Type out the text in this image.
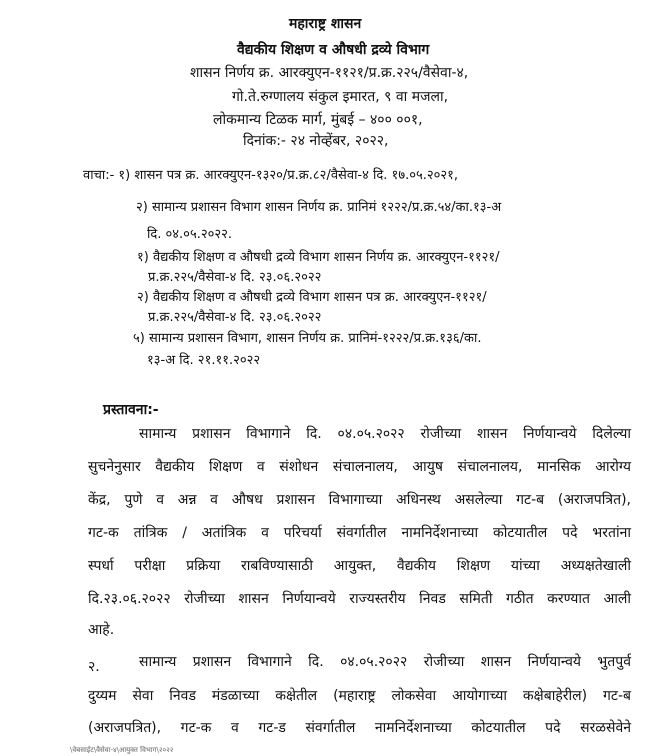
महाराष्ट्र शासन
वैद्यकीय शिक्षण व औषधी द्रव्ये विभाग
शासन निर्णय क्र. आरक्युएन-११२१/प्र.क्र.२२५/वैसेवा-४,
गो.ते.रुग्णालय संकुल इमारत, ९ वा मजला,
लोकमान्य टिळक मार्ग, मुंबई – ४०० ००१,
दिनांक:- २४ नोव्हेंबर, २०२२,
वाचा:- १) शासन पत्र क्र. आरक्युएन-१३२०/प्र.क्र.८२/वैसेवा-४ दि. १७.०५.२०२१,
२) सामान्य प्रशासन विभाग शासन निर्णय क्र. प्रानिमं १२२२/प्र.क्र.५४/का.१३-अ
दि. ०४.०५.२०२२.
१) वैद्यकीय शिक्षण व औषधी द्रव्ये विभाग शासन निर्णय क्र. आरक्युएन-११२१/
प्र.क्र.२२५/वैसेवा-४ दि. २३.०६.२०२२
२) वैद्यकीय शिक्षण व औषधी द्रव्ये विभाग शासन पत्र क्र. आरक्युएन-११२१/
प्र.क्र.२२५/वैसेवा-४ दि. २३.०६.२०२२
५) सामान्य प्रशासन विभाग, शासन निर्णय क्र. प्रानिमं-१२२२/प्र.क्र.१३६/का.
१३-अ दि. २१.११.२०२२
प्रस्तावना:-
सामान्य प्रशासन विभागाने दि. ०४.०५.२०२२ रोजीच्या शासन निर्णयान्वये दिलेल्या
सुचनेनुसार वैद्यकीय शिक्षण व संशोधन संचालनालय, आयुष संचालनालय, मानसिक आरोग्य
केंद्र, पुणे व अन्न व औषध प्रशासन विभागाच्या अधिनस्थ असलेल्या गट-ब (अराजपत्रित),
गट-क तांत्रिक / अतांत्रिक व परिचर्या संवर्गातील नामनिर्देशनाच्या कोटयातील पदे भरतांना
स्पर्धा परीक्षा प्रक्रिया राबविण्यासाठी आयुक्त, वैद्यकीय शिक्षण यांच्या अध्यक्षतेखाली
दि.२३.०६.२०२२ रोजीच्या शासन निर्णयान्वये राज्यस्तरीय निवड समिती गठीत करण्यात आली
आहे.
२.	सामान्य प्रशासन विभागाने दि. ०४.०५.२०२२ रोजीच्या शासन निर्णयान्वये भुतपुर्व
दुय्यम सेवा निवड मंडळाच्या कक्षेतील (महाराष्ट्र लोकसेवा आयोगाच्या कक्षेबाहेरील) गट-ब
(अराजपत्रित), गट-क व गट-ड संवर्गातील नामनिर्देशनाच्या कोटयातील पदे सरळसेवेने
\वेबसाईट\वैसेवा-४\आयुक्त विभाग\२०२२
